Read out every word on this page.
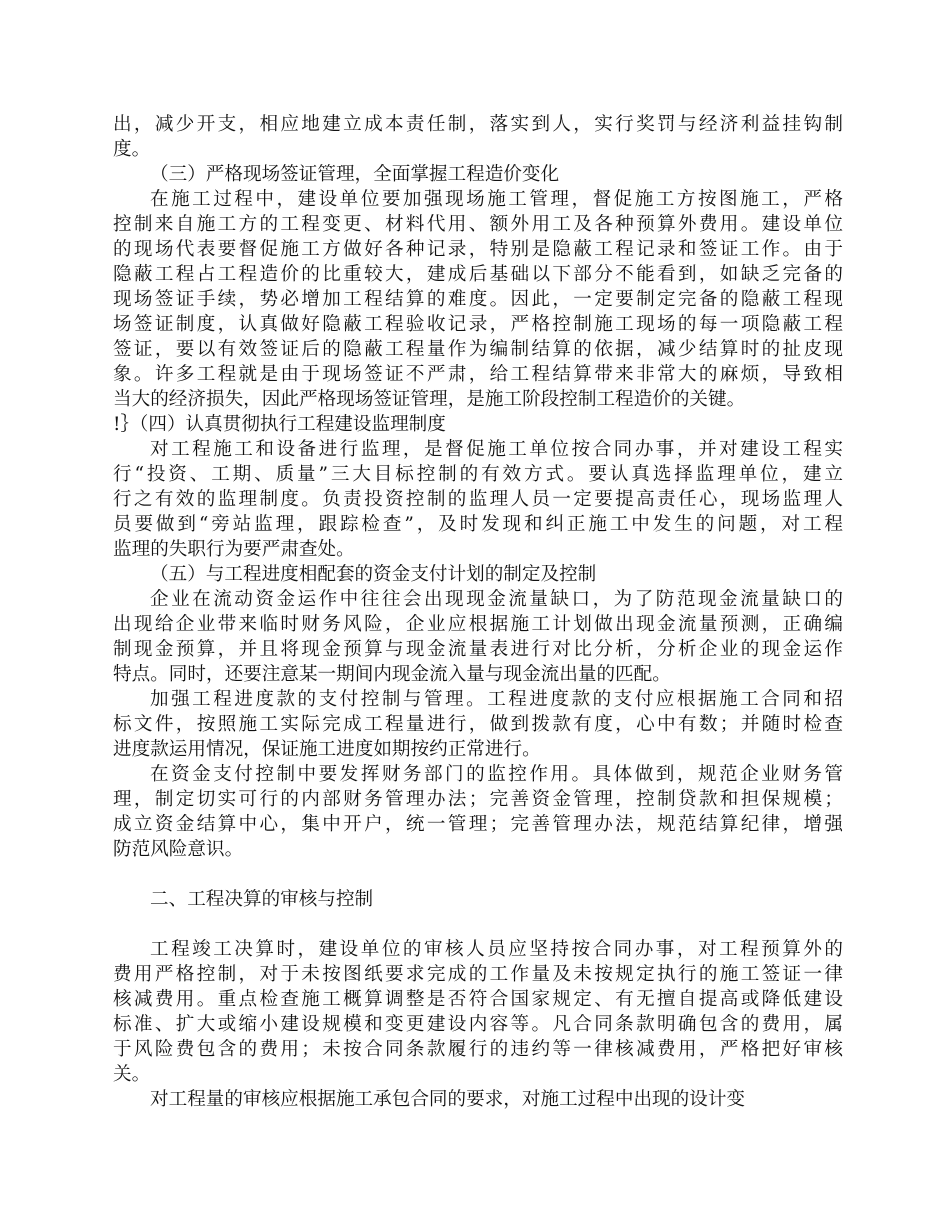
出，减少开支，相应地建立成本责任制，落实到人，实行奖罚与经济利益挂钩制
度。
（三）严格现场签证管理，全面掌握工程造价变化
在施工过程中，建设单位要加强现场施工管理，督促施工方按图施工，严格
控制来自施工方的工程变更、材料代用、额外用工及各种预算外费用。建设单位
的现场代表要督促施工方做好各种记录，特别是隐蔽工程记录和签证工作。由于
隐蔽工程占工程造价的比重较大，建成后基础以下部分不能看到，如缺乏完备的
现场签证手续，势必增加工程结算的难度。因此，一定要制定完备的隐蔽工程现
场签证制度，认真做好隐蔽工程验收记录，严格控制施工现场的每一项隐蔽工程
签证，要以有效签证后的隐蔽工程量作为编制结算的依据，减少结算时的扯皮现
象。许多工程就是由于现场签证不严肃，给工程结算带来非常大的麻烦，导致相
当大的经济损失，因此严格现场签证管理，是施工阶段控制工程造价的关键。
!｝（四）认真贯彻执行工程建设监理制度
对工程施工和设备进行监理，是督促施工单位按合同办事，并对建设工程实
行“投资、工期、质量”三大目标控制的有效方式。要认真选择监理单位，建立
行之有效的监理制度。负责投资控制的监理人员一定要提高责任心，现场监理人
员要做到“旁站监理，跟踪检查”，及时发现和纠正施工中发生的问题，对工程
监理的失职行为要严肃查处。
（五）与工程进度相配套的资金支付计划的制定及控制
企业在流动资金运作中往往会出现现金流量缺口，为了防范现金流量缺口的
出现给企业带来临时财务风险，企业应根据施工计划做出现金流量预测，正确编
制现金预算，并且将现金预算与现金流量表进行对比分析，分析企业的现金运作
特点。同时，还要注意某一期间内现金流入量与现金流出量的匹配。
加强工程进度款的支付控制与管理。工程进度款的支付应根据施工合同和招
标文件，按照施工实际完成工程量进行，做到拨款有度，心中有数；并随时检查
进度款运用情况，保证施工进度如期按约正常进行。
在资金支付控制中要发挥财务部门的监控作用。具体做到，规范企业财务管
理，制定切实可行的内部财务管理办法；完善资金管理，控制贷款和担保规模；
成立资金结算中心，集中开户，统一管理；完善管理办法，规范结算纪律，增强
防范风险意识。
二、工程决算的审核与控制
工程竣工决算时，建设单位的审核人员应坚持按合同办事，对工程预算外的
费用严格控制，对于未按图纸要求完成的工作量及未按规定执行的施工签证一律
核减费用。重点检查施工概算调整是否符合国家规定、有无擅自提高或降低建设
标准、扩大或缩小建设规模和变更建设内容等。凡合同条款明确包含的费用，属
于风险费包含的费用；未按合同条款履行的违约等一律核减费用，严格把好审核
关。
对工程量的审核应根据施工承包合同的要求，对施工过程中出现的设计变
